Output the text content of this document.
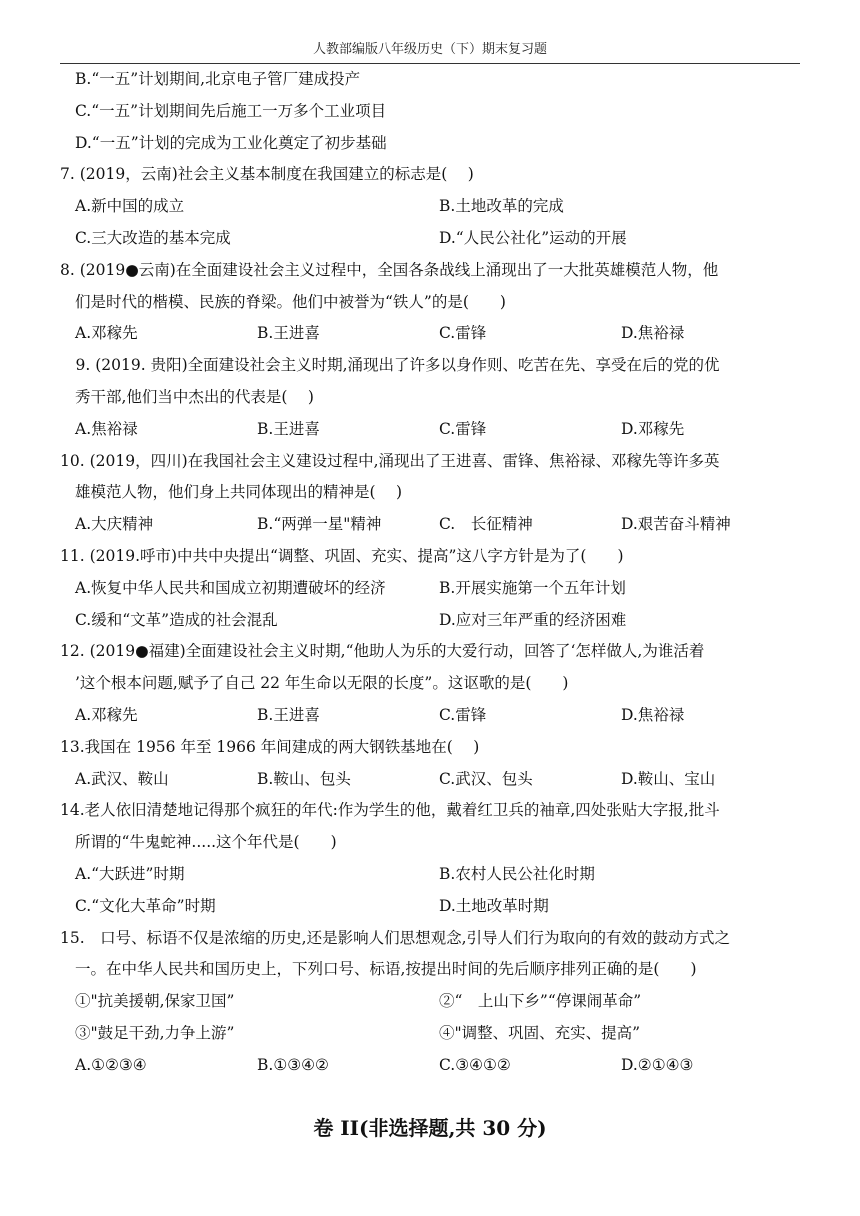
人教部编版八年级历史（下）期末复习题
B.“一五”计划期间,北京电子管厂建成投产
C.“一五”计划期间先后施工一万多个工业项目
D.“一五”计划的完成为工业化奠定了初步基础
7. (2019，云南)社会主义基本制度在我国建立的标志是(　 )
A.新中国的成立	B.土地改革的完成
C.三大改造的基本完成	D.“人民公社化”运动的开展
8. (2019●云南)在全面建设社会主义过程中，全国各条战线上涌现出了一大批英雄模范人物，他
们是时代的楷模、民族的脊梁。他们中被誉为“铁人”的是(　　)
A.邓稼先	B.王进喜	C.雷锋	D.焦裕禄
　9. (2019. 贵阳)全面建设社会主义时期,涌现出了许多以身作则、吃苦在先、享受在后的党的优
秀干部,他们当中杰出的代表是(　 )
A.焦裕禄	B.王进喜	C.雷锋	D.邓稼先
10. (2019，四川)在我国社会主义建设过程中,涌现出了王进喜、雷锋、焦裕禄、邓稼先等许多英
雄模范人物，他们身上共同体现出的精神是(　 )
A.大庆精神	B.“两弹一星"精神	C.　长征精神	D.艰苦奋斗精神
11. (2019.呼市)中共中央提出“调整、巩固、充实、提高”这八字方针是为了(　　)
A.恢复中华人民共和国成立初期遭破坏的经济	B.开展实施第一个五年计划
C.缓和“文革”造成的社会混乱	D.应对三年严重的经济困难
12. (2019●福建)全面建设社会主义时期,“他助人为乐的大爱行动，回答了‘怎样做人,为谁活着
’这个根本问题,赋予了自己 22 年生命以无限的长度”。这讴歌的是(　　)
A.邓稼先	B.王进喜	C.雷锋	D.焦裕禄
13.我国在 1956 年至 1966 年间建成的两大钢铁基地在(　 )
A.武汉、鞍山	B.鞍山、包头	C.武汉、包头	D.鞍山、宝山
14.老人依旧清楚地记得那个疯狂的年代:作为学生的他，戴着红卫兵的袖章,四处张贴大字报,批斗
所谓的“牛鬼蛇神.....这个年代是(　　)
A.“大跃进”时期	B.农村人民公社化时期
C.“文化大革命”时期	D.土地改革时期
15.　口号、标语不仅是浓缩的历史,还是影响人们思想观念,引导人们行为取向的有效的鼓动方式之
一。在中华人民共和国历史上，下列口号、标语,按提出时间的先后顺序排列正确的是(　　)
①"抗美援朝,保家卫国”	②“　上山下乡”“停课闹革命”
③"鼓足干劲,力争上游”	④"调整、巩固、充实、提高”
A.①②③④	B.①③④②	C.③④①②	D.②①④③
卷 II(非选择题,共 30 分)
